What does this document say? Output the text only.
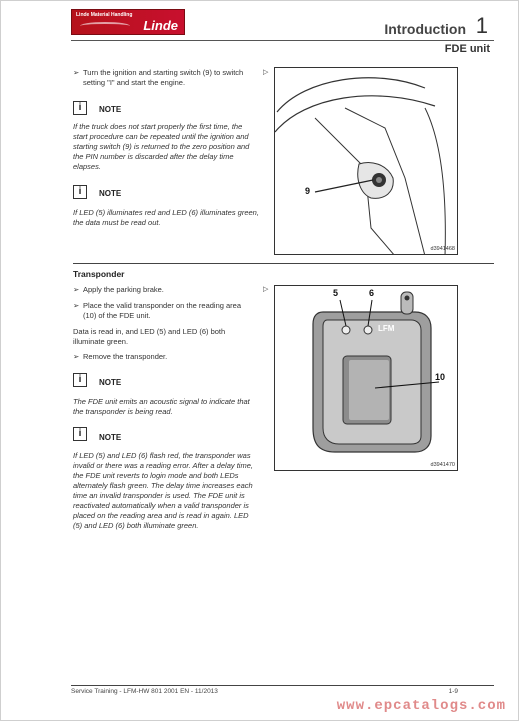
Linde Material Handling
Linde	Introduction 1
FDE unit
➢ Turn the ignition and starting switch (9) to switch setting "I" and start the engine.
▷
i	NOTE
If the truck does not start properly the first time, the start procedure can be repeated until the ignition and starting switch (9) is returned to the zero position and the PIN number is discarded after the delay time elapses.
i	NOTE
If LED (5) illuminates red and LED (6) illuminates green, the data must be read out.
9
d3941468
Transponder
➢ Apply the parking brake.	▷
➢ Place the valid transponder on the reading area (10) of the FDE unit.
Data is read in, and LED (5) and LED (6) both illuminate green.
➢ Remove the transponder.
i	NOTE
The FDE unit emits an acoustic signal to indicate that the transponder is being read.
i	NOTE
If LED (5) and LED (6) flash red, the transponder was invalid or there was a reading error. After a delay time, the FDE unit reverts to login mode and both LEDs alternately flash green. The delay time increases each time an invalid transponder is used. The FDE unit is reactivated automatically when a valid transponder is placed on the reading area and is read in again. LED (5) and LED (6) both illuminate green.
5	6
10
LFM
d3941470
Service Training - LFM-HW 801 2001 EN - 11/2013	1-9
www.epcatalogs.com
